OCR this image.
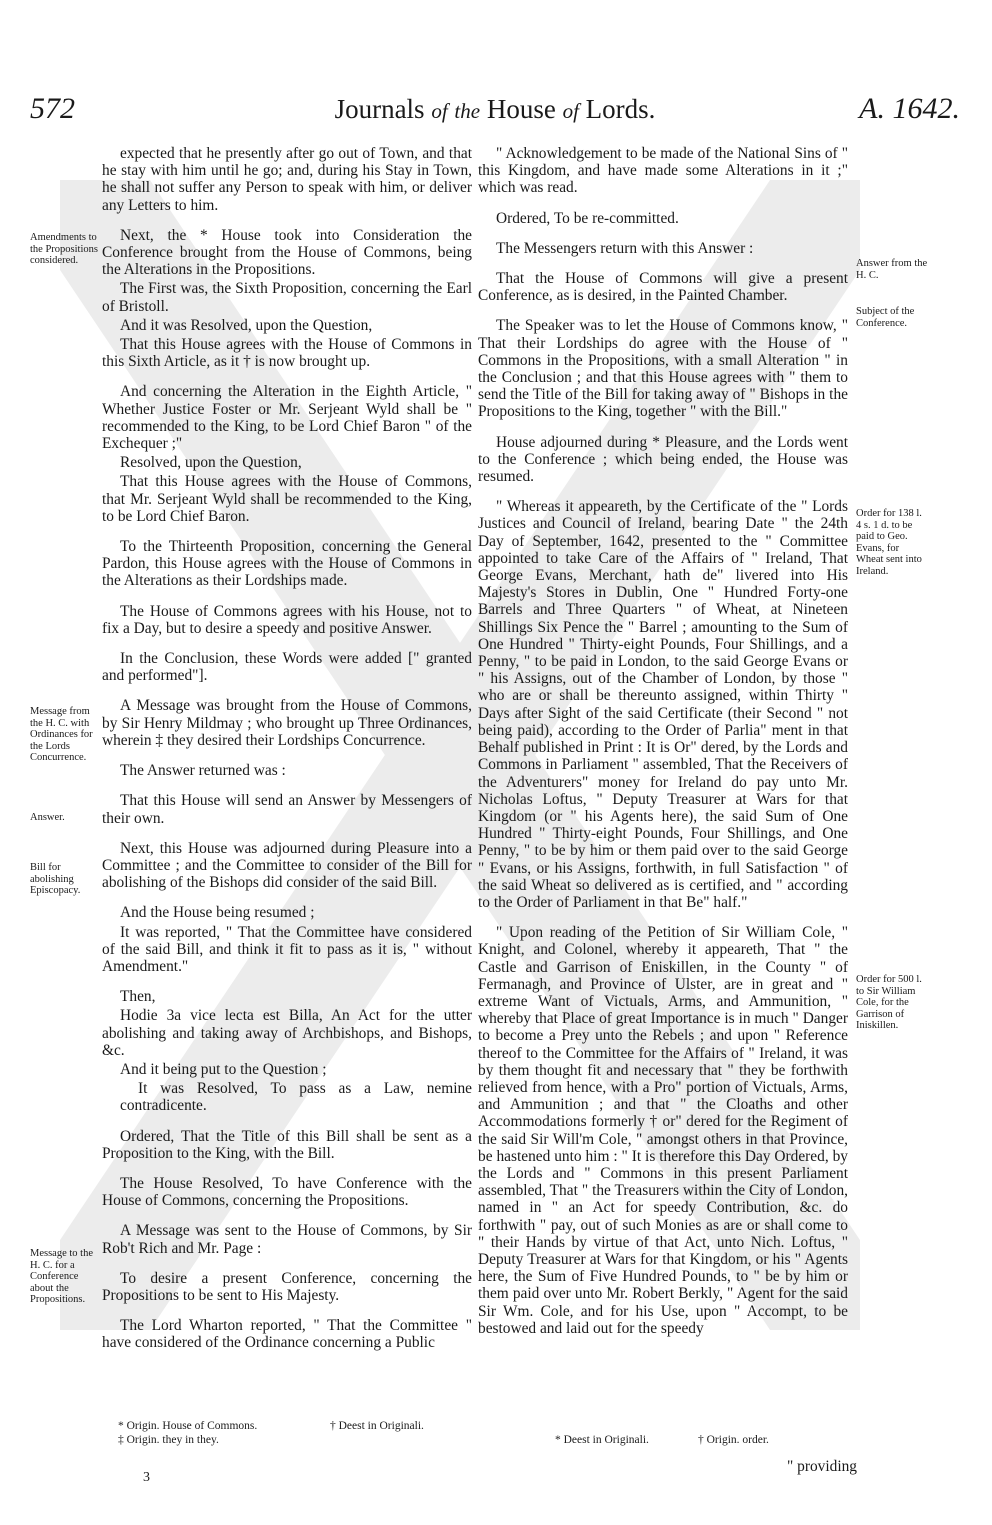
572	Journals of the House of Lords.	A. 1642.
Amendments to the Propositions considered.
Message from the H. C. with Ordinances for the Lords Concurrence.
Answer.
Bill for abolishing Episcopacy.
Message to the H. C. for a Conference about the Propositions.
Answer from the H. C.
Subject of the Conference.
Order for 138 l. 4 s. 1 d. to be paid to Geo. Evans, for Wheat sent into Ireland.
Order for 500 l. to Sir William Cole, for the Garrison of Iniskillen.

expected that he presently after go out of Town, and that he stay with him until he go; and, during his Stay in Town, he shall not suffer any Person to speak with him, or deliver any Letters to him.

Next, the * House took into Consideration the Conference brought from the House of Commons, being the Alterations in the Propositions.

The First was, the Sixth Proposition, concerning the Earl of Bristoll.

And it was Resolved, upon the Question,

That this House agrees with the House of Commons in this Sixth Article, as it † is now brought up.

And concerning the Alteration in the Eighth Article, " Whether Justice Foster or Mr. Serjeant Wyld shall be " recommended to the King, to be Lord Chief Baron " of the Exchequer ;"

Resolved, upon the Question,

That this House agrees with the House of Commons, that Mr. Serjeant Wyld shall be recommended to the King, to be Lord Chief Baron.

To the Thirteenth Proposition, concerning the General Pardon, this House agrees with the House of Commons in the Alterations as their Lordships made.

The House of Commons agrees with his House, not to fix a Day, but to desire a speedy and positive Answer.

In the Conclusion, these Words were added [" granted and performed"].

A Message was brought from the House of Commons, by Sir Henry Mildmay ; who brought up Three Ordinances, wherein ‡ they desired their Lordships Concurrence.

The Answer returned was :

That this House will send an Answer by Messengers of their own.

Next, this House was adjourned during Pleasure into a Committee ; and the Committee to consider of the Bill for abolishing of the Bishops did consider of the said Bill.

And the House being resumed ;

It was reported, " That the Committee have considered of the said Bill, and think it fit to pass as it is, " without Amendment."

Then,

Hodie 3a vice lecta est Billa, An Act for the utter abolishing and taking away of Archbishops, and Bishops, &c.

And it being put to the Question ;

It was Resolved, To pass as a Law, nemine contradicente.

Ordered, That the Title of this Bill shall be sent as a Proposition to the King, with the Bill.

The House Resolved, To have Conference with the House of Commons, concerning the Propositions.

A Message was sent to the House of Commons, by Sir Rob't Rich and Mr. Page :

To desire a present Conference, concerning the Propositions to be sent to His Majesty.

The Lord Wharton reported, " That the Committee " have considered of the Ordinance concerning a Public

" Acknowledgement to be made of the National Sins of " this Kingdom, and have made some Alterations in it ;" which was read.

Ordered, To be re-committed.

The Messengers return with this Answer :

That the House of Commons will give a present Conference, as is desired, in the Painted Chamber.

The Speaker was to let the House of Commons know, " That their Lordships do agree with the House of " Commons in the Propositions, with a small Alteration " in the Conclusion ; and that this House agrees with " them to send the Title of the Bill for taking away of " Bishops in the Propositions to the King, together " with the Bill."

House adjourned during * Pleasure, and the Lords went to the Conference ; which being ended, the House was resumed.

" Whereas it appeareth, by the Certificate of the " Lords Justices and Council of Ireland, bearing Date " the 24th Day of September, 1642, presented to the " Committee appointed to take Care of the Affairs of " Ireland, That George Evans, Merchant, hath de" livered into His Majesty's Stores in Dublin, One " Hundred Forty-one Barrels and Three Quarters " of Wheat, at Nineteen Shillings Six Pence the " Barrel ; amounting to the Sum of One Hundred " Thirty-eight Pounds, Four Shillings, and a Penny, " to be paid in London, to the said George Evans or " his Assigns, out of the Chamber of London, by those " who are or shall be thereunto assigned, within Thirty " Days after Sight of the said Certificate (their Second " not being paid), according to the Order of Parlia" ment in that Behalf published in Print : It is Or" dered, by the Lords and Commons in Parliament " assembled, That the Receivers of the Adventurers" money for Ireland do pay unto Mr. Nicholas Loftus, " Deputy Treasurer at Wars for that Kingdom (or " his Agents here), the said Sum of One Hundred " Thirty-eight Pounds, Four Shillings, and One Penny, " to be by him or them paid over to the said George " Evans, or his Assigns, forthwith, in full Satisfaction " of the said Wheat so delivered as is certified, and " according to the Order of Parliament in that Be" half."

" Upon reading of the Petition of Sir William Cole, " Knight, and Colonel, whereby it appeareth, That " the Castle and Garrison of Eniskillen, in the County " of Fermanagh, and Province of Ulster, are in great and " extreme Want of Victuals, Arms, and Ammunition, " whereby that Place of great Importance is in much " Danger to become a Prey unto the Rebels ; and upon " Reference thereof to the Committee for the Affairs of " Ireland, it was by them thought fit and necessary that " they be forthwith relieved from hence, with a Pro" portion of Victuals, Arms, and Ammunition ; and that " the Cloaths and other Accommodations formerly † or" dered for the Regiment of the said Sir Will'm Cole, " amongst others in that Province, be hastened unto him : " It is therefore this Day Ordered, by the Lords and " Commons in this present Parliament assembled, That " the Treasurers within the City of London, named in " an Act for speedy Contribution, &c. do forthwith " pay, out of such Monies as are or shall come to " their Hands by virtue of that Act, unto Nich. Loftus, " Deputy Treasurer at Wars for that Kingdom, or his " Agents here, the Sum of Five Hundred Pounds, to " be by him or them paid over unto Mr. Robert Berkly, " Agent for the said Sir Wm. Cole, and for his Use, upon " Accompt, to be bestowed and laid out for the speedy

* Origin. House of Commons.	† Deest in Originali.
‡ Origin. they in they.	* Deest in Originali.	† Origin. order.
3
" providing
